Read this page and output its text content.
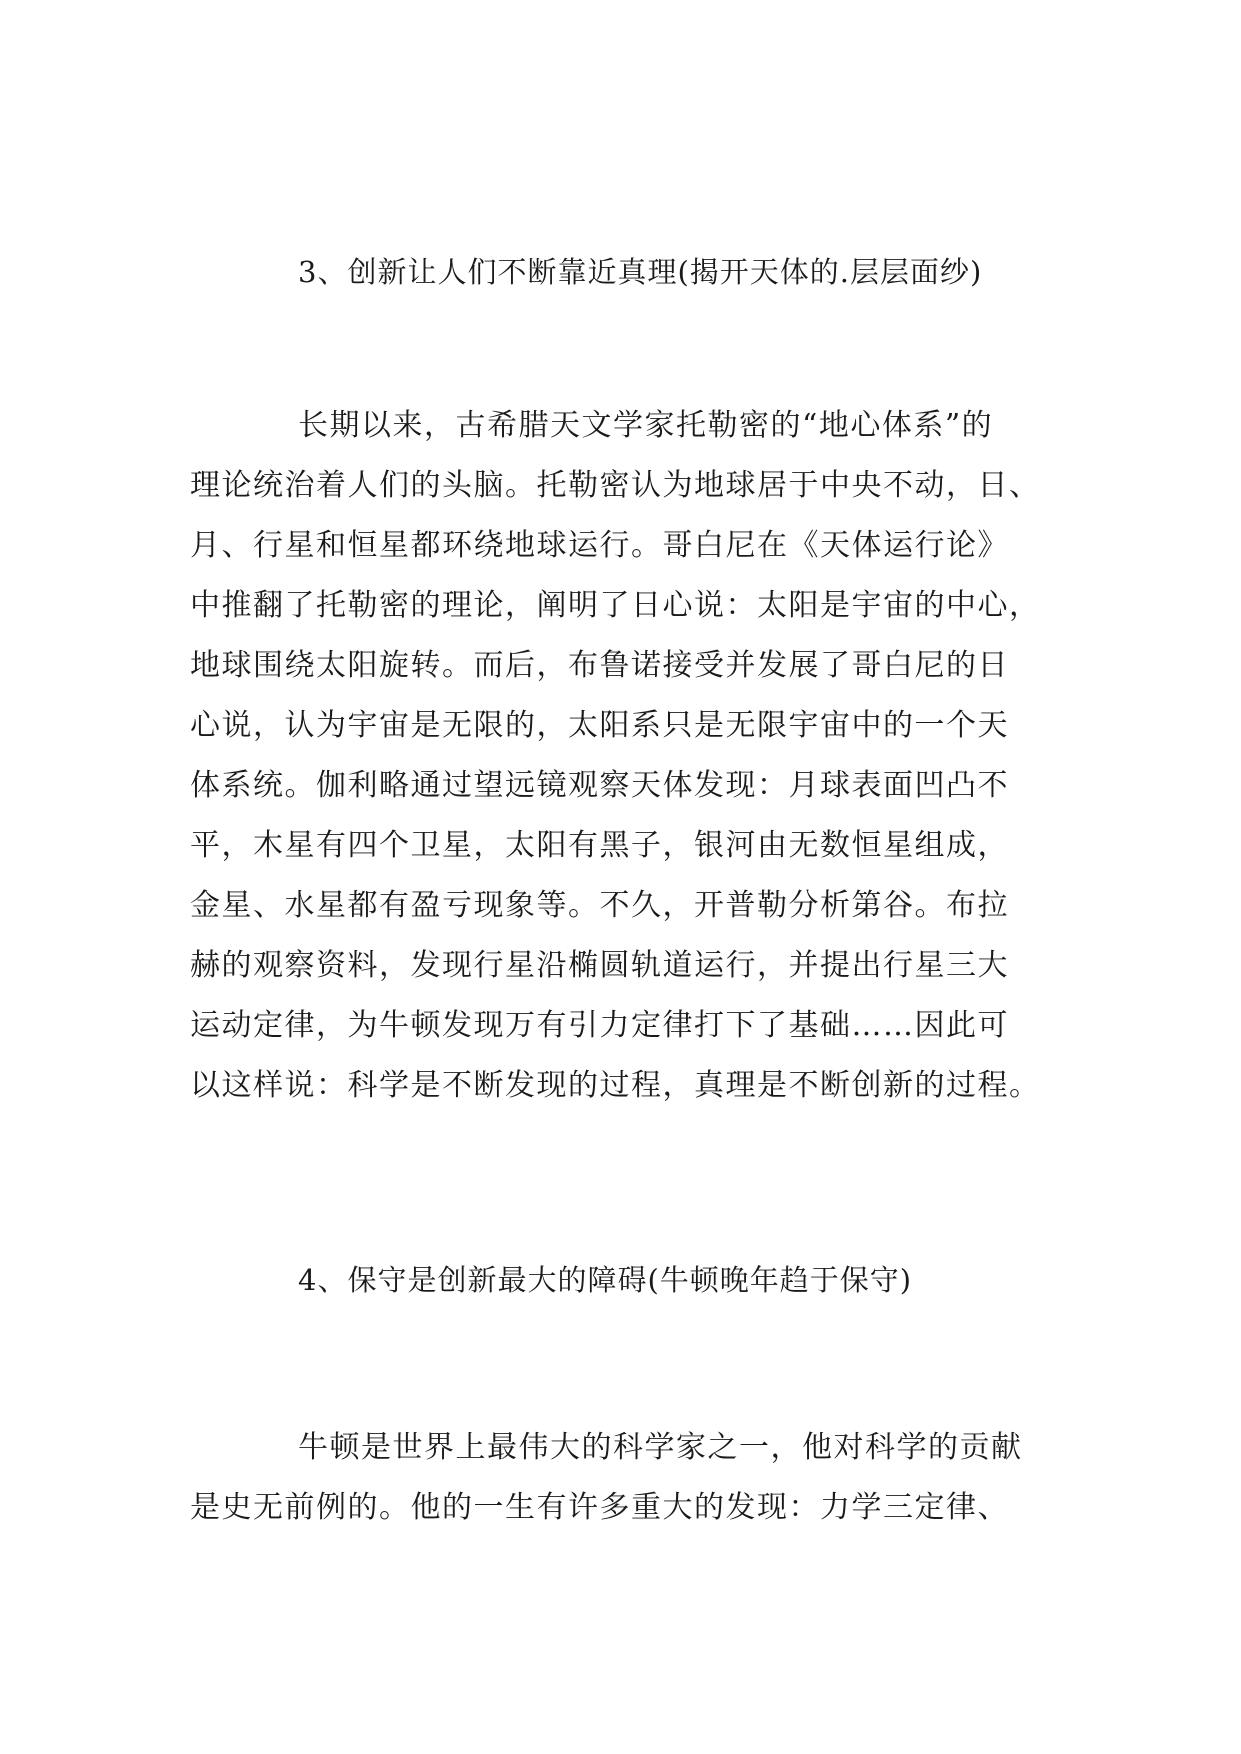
3、创新让人们不断靠近真理(揭开天体的.层层面纱)
长期以来，古希腊天文学家托勒密的“地心体系”的
理论统治着人们的头脑。托勒密认为地球居于中央不动，日、
月、行星和恒星都环绕地球运行。哥白尼在《天体运行论》
中推翻了托勒密的理论，阐明了日心说：太阳是宇宙的中心，
地球围绕太阳旋转。而后，布鲁诺接受并发展了哥白尼的日
心说，认为宇宙是无限的，太阳系只是无限宇宙中的一个天
体系统。伽利略通过望远镜观察天体发现：月球表面凹凸不
平，木星有四个卫星，太阳有黑子，银河由无数恒星组成，
金星、水星都有盈亏现象等。不久，开普勒分析第谷。布拉
赫的观察资料，发现行星沿椭圆轨道运行，并提出行星三大
运动定律，为牛顿发现万有引力定律打下了基础……因此可
以这样说：科学是不断发现的过程，真理是不断创新的过程。
4、保守是创新最大的障碍(牛顿晚年趋于保守)
牛顿是世界上最伟大的科学家之一，他对科学的贡献
是史无前例的。他的一生有许多重大的发现：力学三定律、
